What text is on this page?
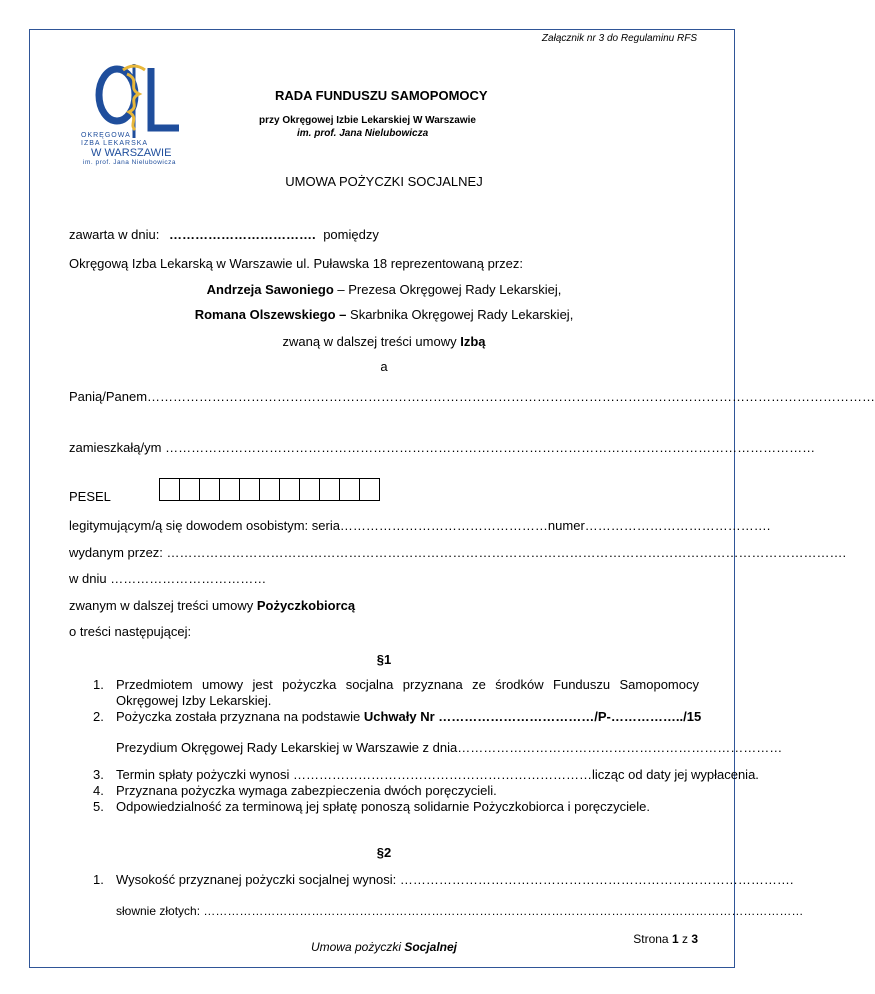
Załącznik nr 3 do Regulaminu RFS
OKRĘGOWA
IZBA LEKARSKA
W WARSZAWIE
im. prof. Jana Nielubowicza
RADA FUNDUSZU SAMOPOMOCY
przy Okręgowej Izbie Lekarskiej W Warszawie
im. prof. Jana Nielubowicza
UMOWA POŻYCZKI SOCJALNEJ
zawarta w dniu: ……………………………. pomiędzy
Okręgową Izba Lekarską w Warszawie ul. Puławska 18 reprezentowaną przez:
Andrzeja Sawoniego – Prezesa Okręgowej Rady Lekarskiej,
Romana Olszewskiego – Skarbnika Okręgowej Rady Lekarskiej,
zwaną w dalszej treści umowy Izbą
a
Panią/Panem……………………………………………………………………………………………………………………………………………………
zamieszkałą/ym ……………………………………………………………………………………………………………………………………
PESEL
legitymującym/ą się dowodem osobistym: seria…………………………………………numer…………………………………….
wydanym przez: ………………………………………………………………………………………………………………………………………….
w dniu ………………………………
zwanym w dalszej treści umowy Pożyczkobiorcą
o treści następującej:
§1
1. Przedmiotem umowy jest pożyczka socjalna przyznana ze środków Funduszu Samopomocy Okręgowej Izby Lekarskiej.
2. Pożyczka została przyznana na podstawie Uchwały Nr ………………………………/P-……………../15
Prezydium Okręgowej Rady Lekarskiej w Warszawie z dnia…………………………………………………………………
3. Termin spłaty pożyczki wynosi ……………………………………………………………licząc od daty jej wypłacenia.
4. Przyznana pożyczka wymaga zabezpieczenia dwóch poręczycieli.
5. Odpowiedzialność za terminową jej spłatę ponoszą solidarnie Pożyczkobiorca i poręczyciele.
§2
1. Wysokość przyznanej pożyczki socjalnej wynosi: ……………………………………………………………………………….
słownie złotych: ……………………………………………………………………………………………………………………………………
Strona 1 z 3
Umowa pożyczki Socjalnej
